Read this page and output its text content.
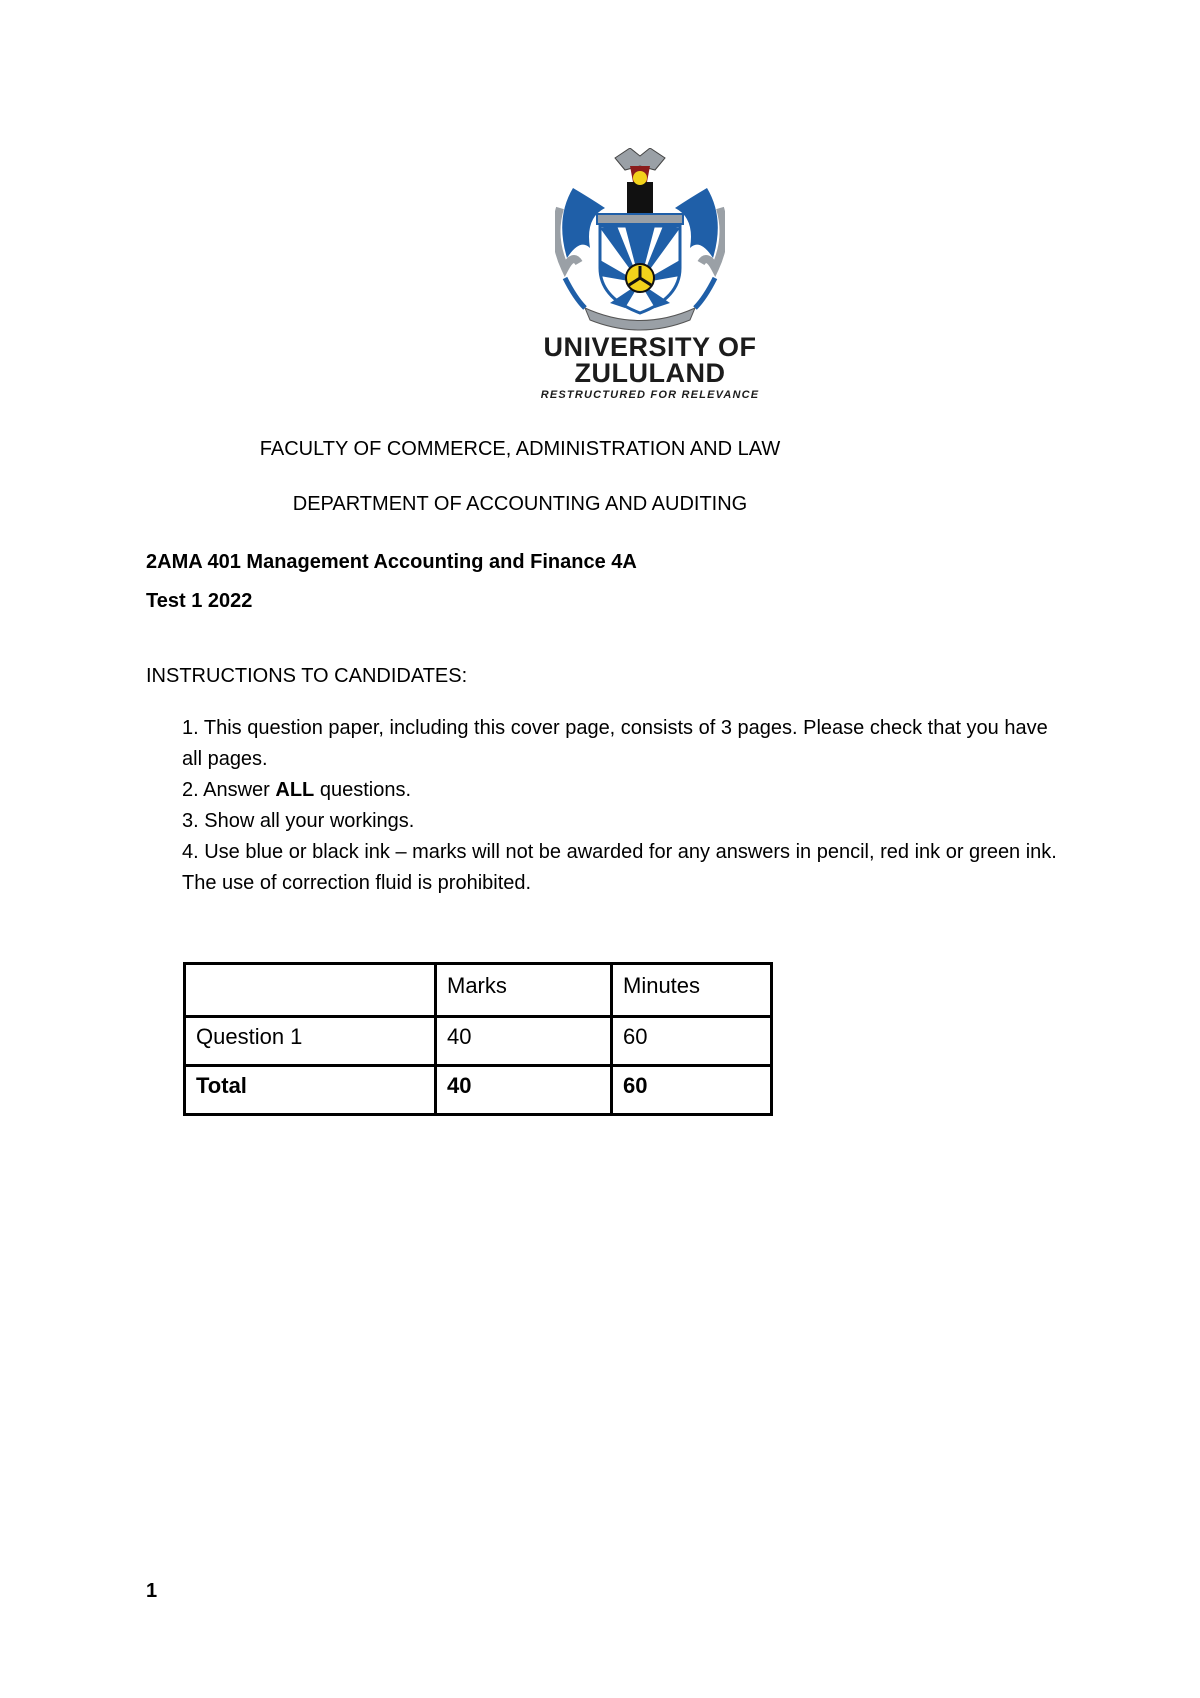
UNIVERSITY OF
ZULULAND
RESTRUCTURED FOR RELEVANCE
FACULTY OF COMMERCE, ADMINISTRATION AND LAW
DEPARTMENT OF ACCOUNTING AND AUDITING
2AMA 401 Management Accounting and Finance 4A
Test 1 2022
INSTRUCTIONS TO CANDIDATES:
1. This question paper, including this cover page, consists of 3 pages. Please check that you have all pages.
2. Answer ALL questions.
3. Show all your workings.
4. Use blue or black ink – marks will not be awarded for any answers in pencil, red ink or green ink. The use of correction fluid is prohibited.
	Marks	Minutes
Question 1	40	60
Total	40	60
1
